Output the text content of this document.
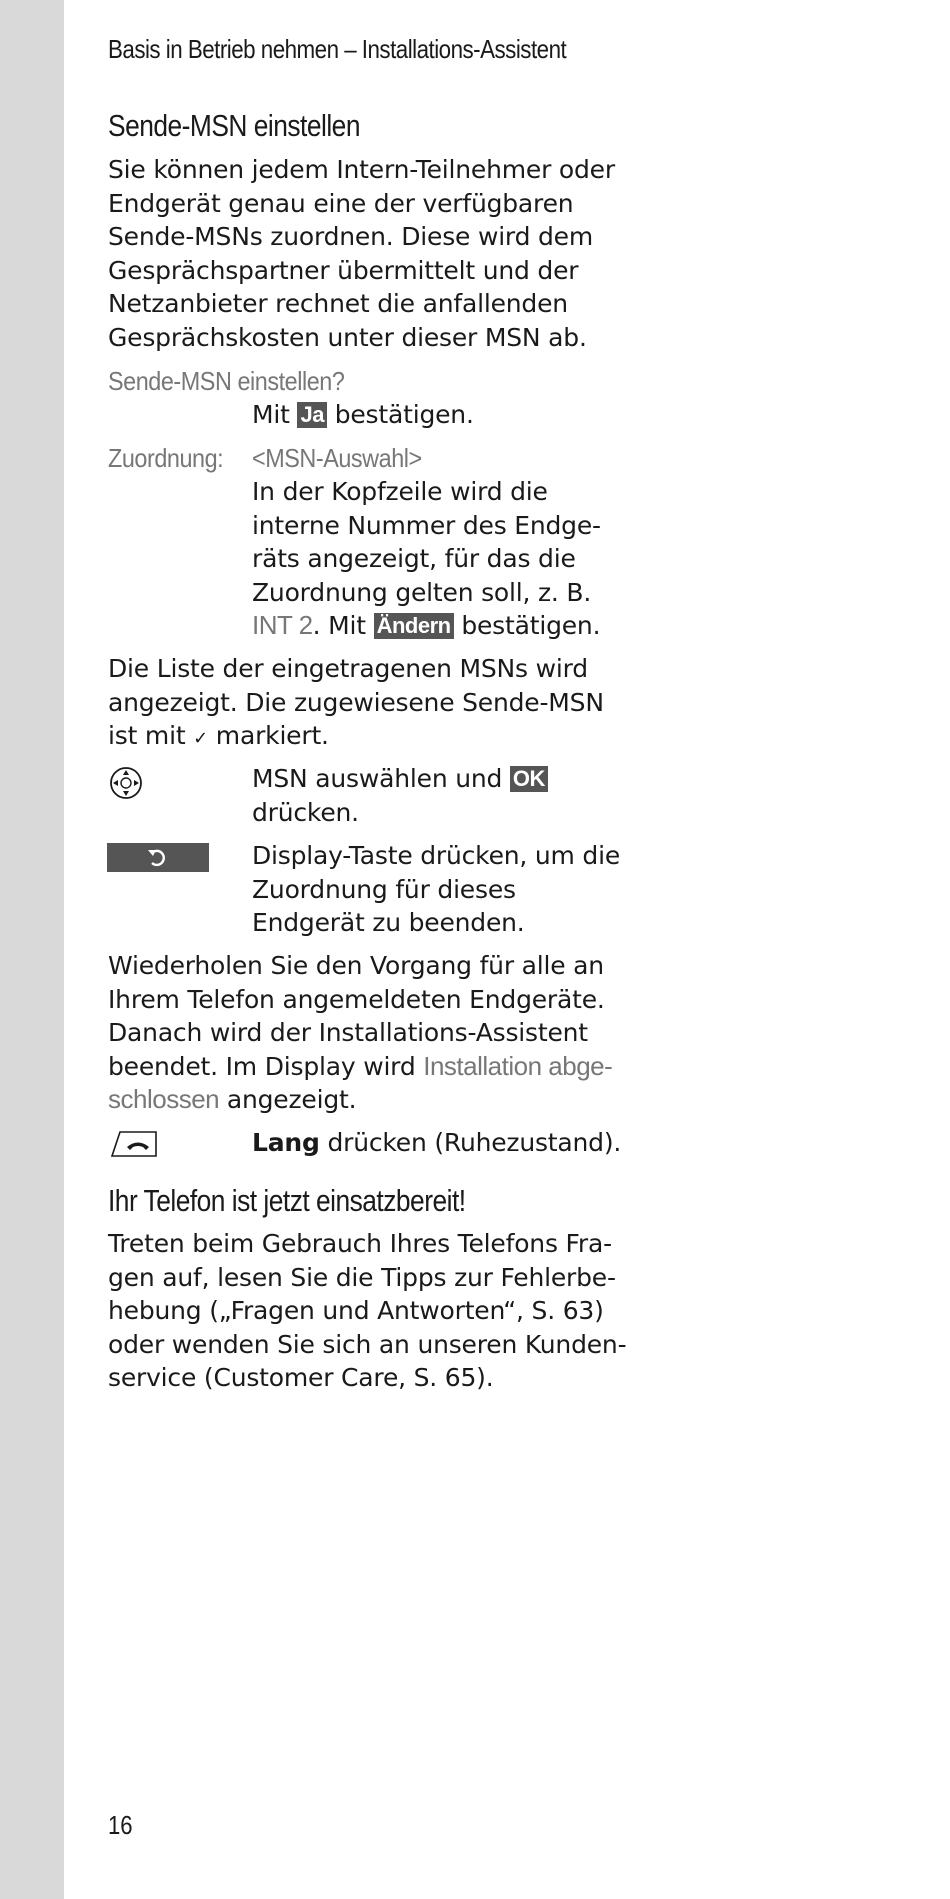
Basis in Betrieb nehmen – Installations-Assistent
Sende-MSN einstellen
Sie können jedem Intern-Teilnehmer oder
Endgerät genau eine der verfügbaren
Sende-MSNs zuordnen. Diese wird dem
Gesprächspartner übermittelt und der
Netzanbieter rechnet die anfallenden
Gesprächskosten unter dieser MSN ab.
Sende-MSN einstellen?
Mit Ja bestätigen.
Zuordnung: <MSN-Auswahl>
In der Kopfzeile wird die
interne Nummer des Endge-
räts angezeigt, für das die
Zuordnung gelten soll, z. B.
INT 2. Mit Ändern bestätigen.
Die Liste der eingetragenen MSNs wird
angezeigt. Die zugewiesene Sende-MSN
ist mit ✓ markiert.
MSN auswählen und OK
drücken.
Display-Taste drücken, um die
Zuordnung für dieses
Endgerät zu beenden.
Wiederholen Sie den Vorgang für alle an
Ihrem Telefon angemeldeten Endgeräte.
Danach wird der Installations-Assistent
beendet. Im Display wird Installation abge-
schlossen angezeigt.
Lang drücken (Ruhezustand).
Ihr Telefon ist jetzt einsatzbereit!
Treten beim Gebrauch Ihres Telefons Fra-
gen auf, lesen Sie die Tipps zur Fehlerbe-
hebung („Fragen und Antworten“, S. 63)
oder wenden Sie sich an unseren Kunden-
service (Customer Care, S. 65).
16
